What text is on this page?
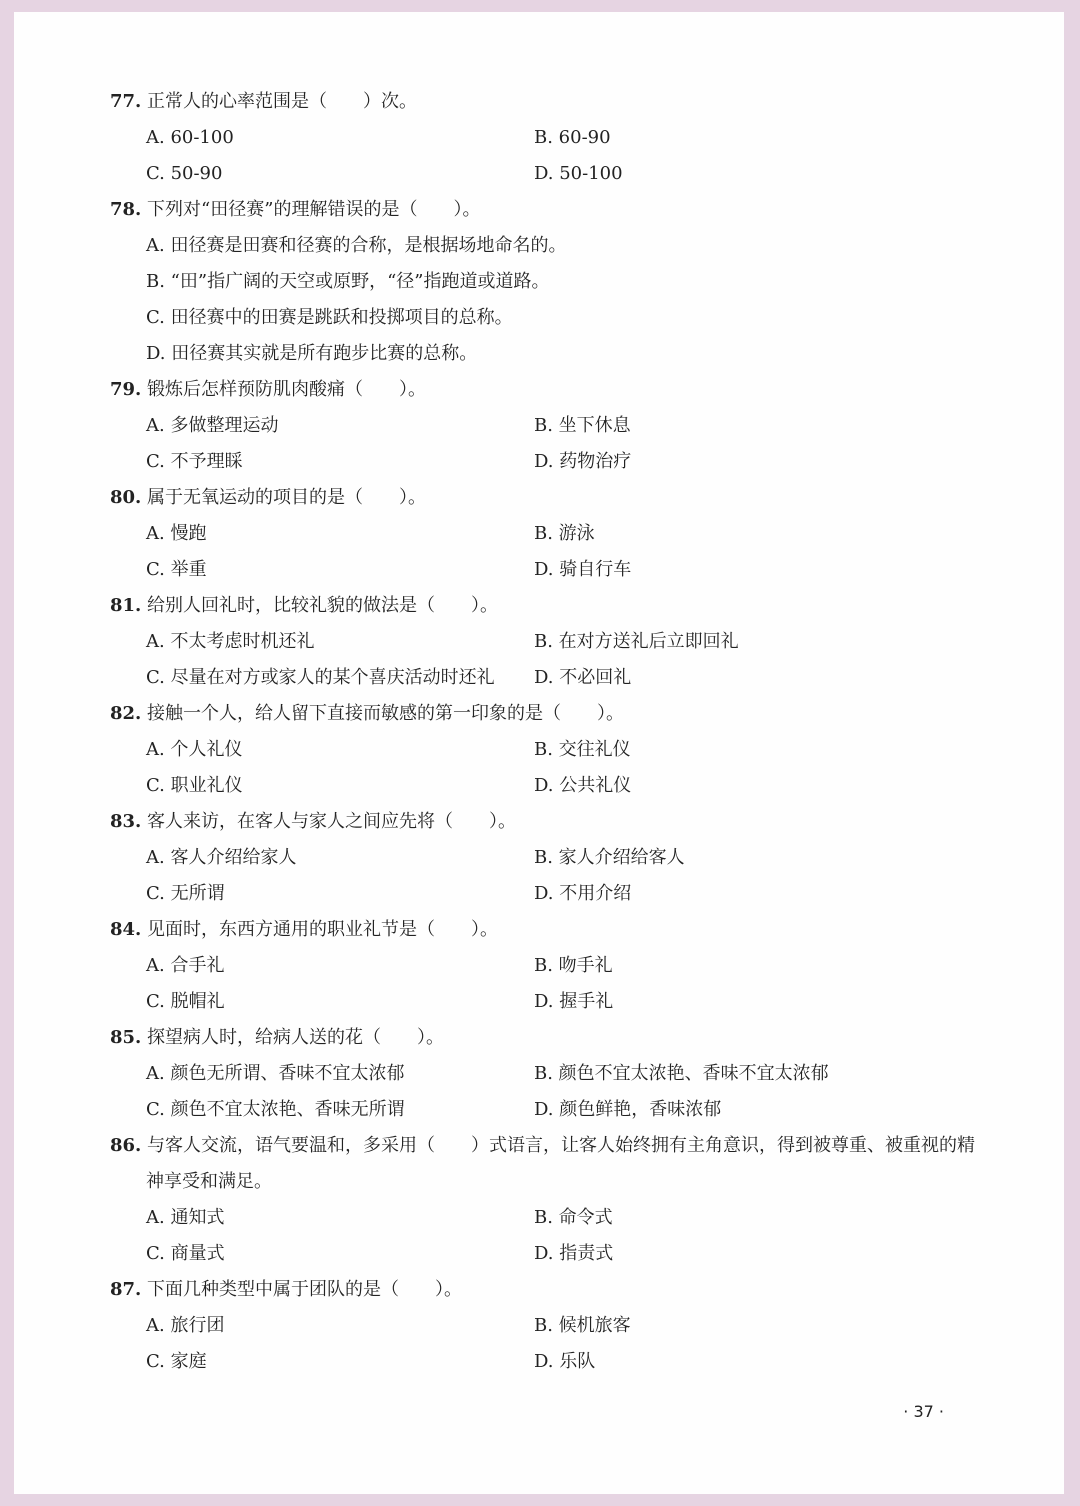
77. 正常人的心率范围是（　　）次。
A. 60-100	B. 60-90
C. 50-90	D. 50-100
78. 下列对“田径赛”的理解错误的是（　　）。
A. 田径赛是田赛和径赛的合称，是根据场地命名的。
B. “田”指广阔的天空或原野，“径”指跑道或道路。
C. 田径赛中的田赛是跳跃和投掷项目的总称。
D. 田径赛其实就是所有跑步比赛的总称。
79. 锻炼后怎样预防肌肉酸痛（　　）。
A. 多做整理运动	B. 坐下休息
C. 不予理睬	D. 药物治疗
80. 属于无氧运动的项目的是（　　）。
A. 慢跑	B. 游泳
C. 举重	D. 骑自行车
81. 给别人回礼时，比较礼貌的做法是（　　）。
A. 不太考虑时机还礼	B. 在对方送礼后立即回礼
C. 尽量在对方或家人的某个喜庆活动时还礼	D. 不必回礼
82. 接触一个人，给人留下直接而敏感的第一印象的是（　　）。
A. 个人礼仪	B. 交往礼仪
C. 职业礼仪	D. 公共礼仪
83. 客人来访，在客人与家人之间应先将（　　）。
A. 客人介绍给家人	B. 家人介绍给客人
C. 无所谓	D. 不用介绍
84. 见面时，东西方通用的职业礼节是（　　）。
A. 合手礼	B. 吻手礼
C. 脱帽礼	D. 握手礼
85. 探望病人时，给病人送的花（　　）。
A. 颜色无所谓、香味不宜太浓郁	B. 颜色不宜太浓艳、香味不宜太浓郁
C. 颜色不宜太浓艳、香味无所谓	D. 颜色鲜艳，香味浓郁
86. 与客人交流，语气要温和，多采用（　　）式语言，让客人始终拥有主角意识，得到被尊重、被重视的精神享受和满足。
A. 通知式	B. 命令式
C. 商量式	D. 指责式
87. 下面几种类型中属于团队的是（　　）。
A. 旅行团	B. 候机旅客
C. 家庭	D. 乐队
· 37 ·
